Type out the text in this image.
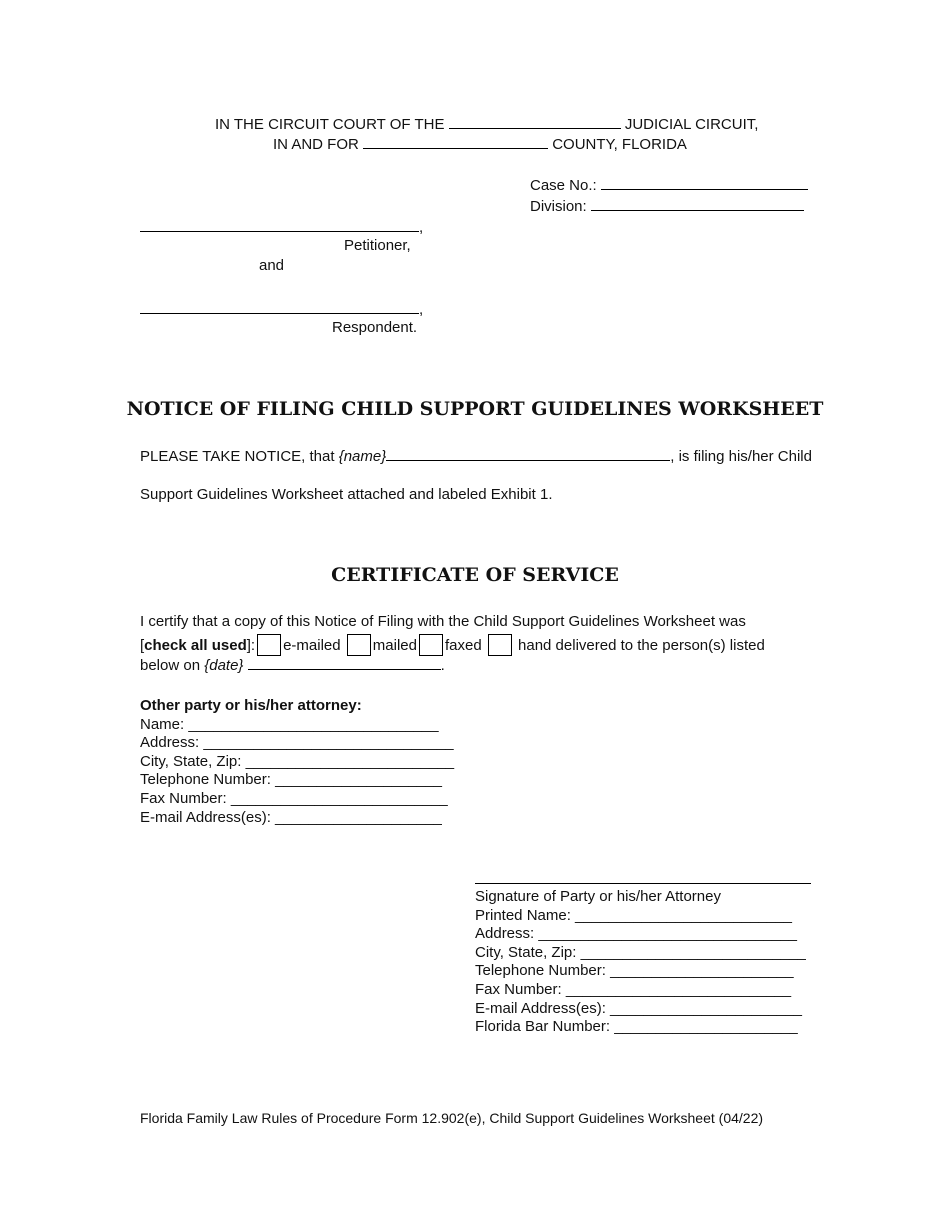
IN THE CIRCUIT COURT OF THE	JUDICIAL CIRCUIT,
IN AND FOR	COUNTY, FLORIDA
Case No.:
Division:
,
Petitioner,
and
,
Respondent.
NOTICE OF FILING CHILD SUPPORT GUIDELINES WORKSHEET
PLEASE TAKE NOTICE, that {name}	, is filing his/her Child
Support Guidelines Worksheet attached and labeled Exhibit 1.
CERTIFICATE OF SERVICE
I certify that a copy of this Notice of Filing with the Child Support Guidelines Worksheet was
[check all used]: e-mailed mailed faxed hand delivered to the person(s) listed
below on {date}	.
Other party or his/her attorney:
Name: ______________________________
Address: ______________________________
City, State, Zip: _________________________
Telephone Number: ____________________
Fax Number: __________________________
E-mail Address(es): ____________________
Signature of Party or his/her Attorney
Printed Name: __________________________
Address: _______________________________
City, State, Zip: ___________________________
Telephone Number: ______________________
Fax Number: ___________________________
E-mail Address(es): _______________________
Florida Bar Number: ______________________
Florida Family Law Rules of Procedure Form 12.902(e), Child Support Guidelines Worksheet (04/22)
